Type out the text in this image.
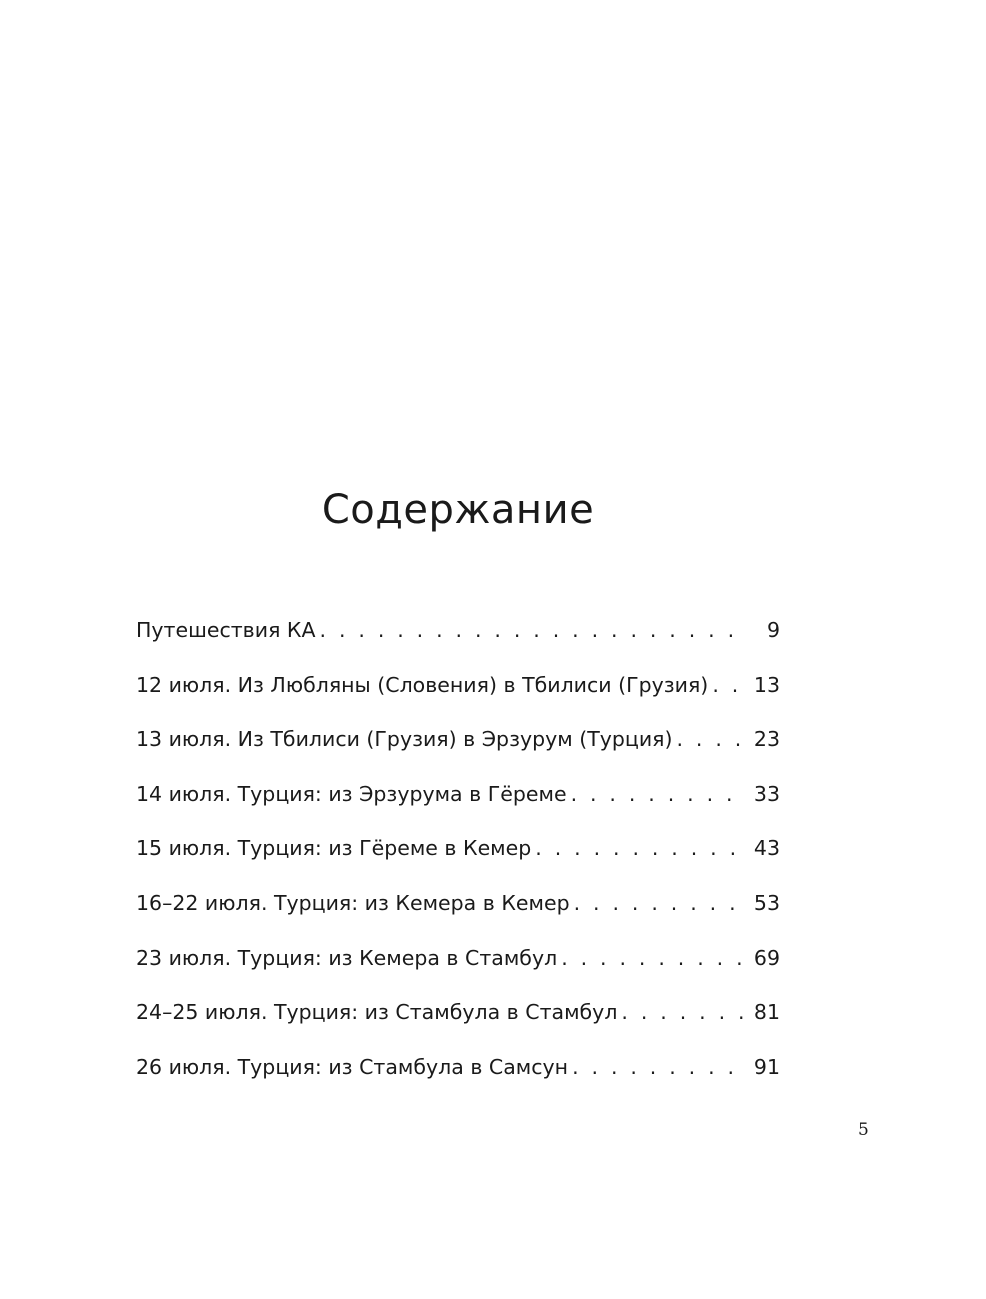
Содержание
Путешествия КА . . .	9
12 июля. Из Любляны (Словения) в Тбилиси (Грузия) . . .	13
13 июля. Из Тбилиси (Грузия) в Эрзурум (Турция) . . .	23
14 июля. Турция: из Эрзурума в Гёреме . . .	33
15 июля. Турция: из Гёреме в Кемер . . .	43
16–22 июля. Турция: из Кемера в Кемер . . .	53
23 июля. Турция: из Кемера в Стамбул . . .	69
24–25 июля. Турция: из Стамбула в Стамбул . . .	81
26 июля. Турция: из Стамбула в Самсун . . .	91
5
